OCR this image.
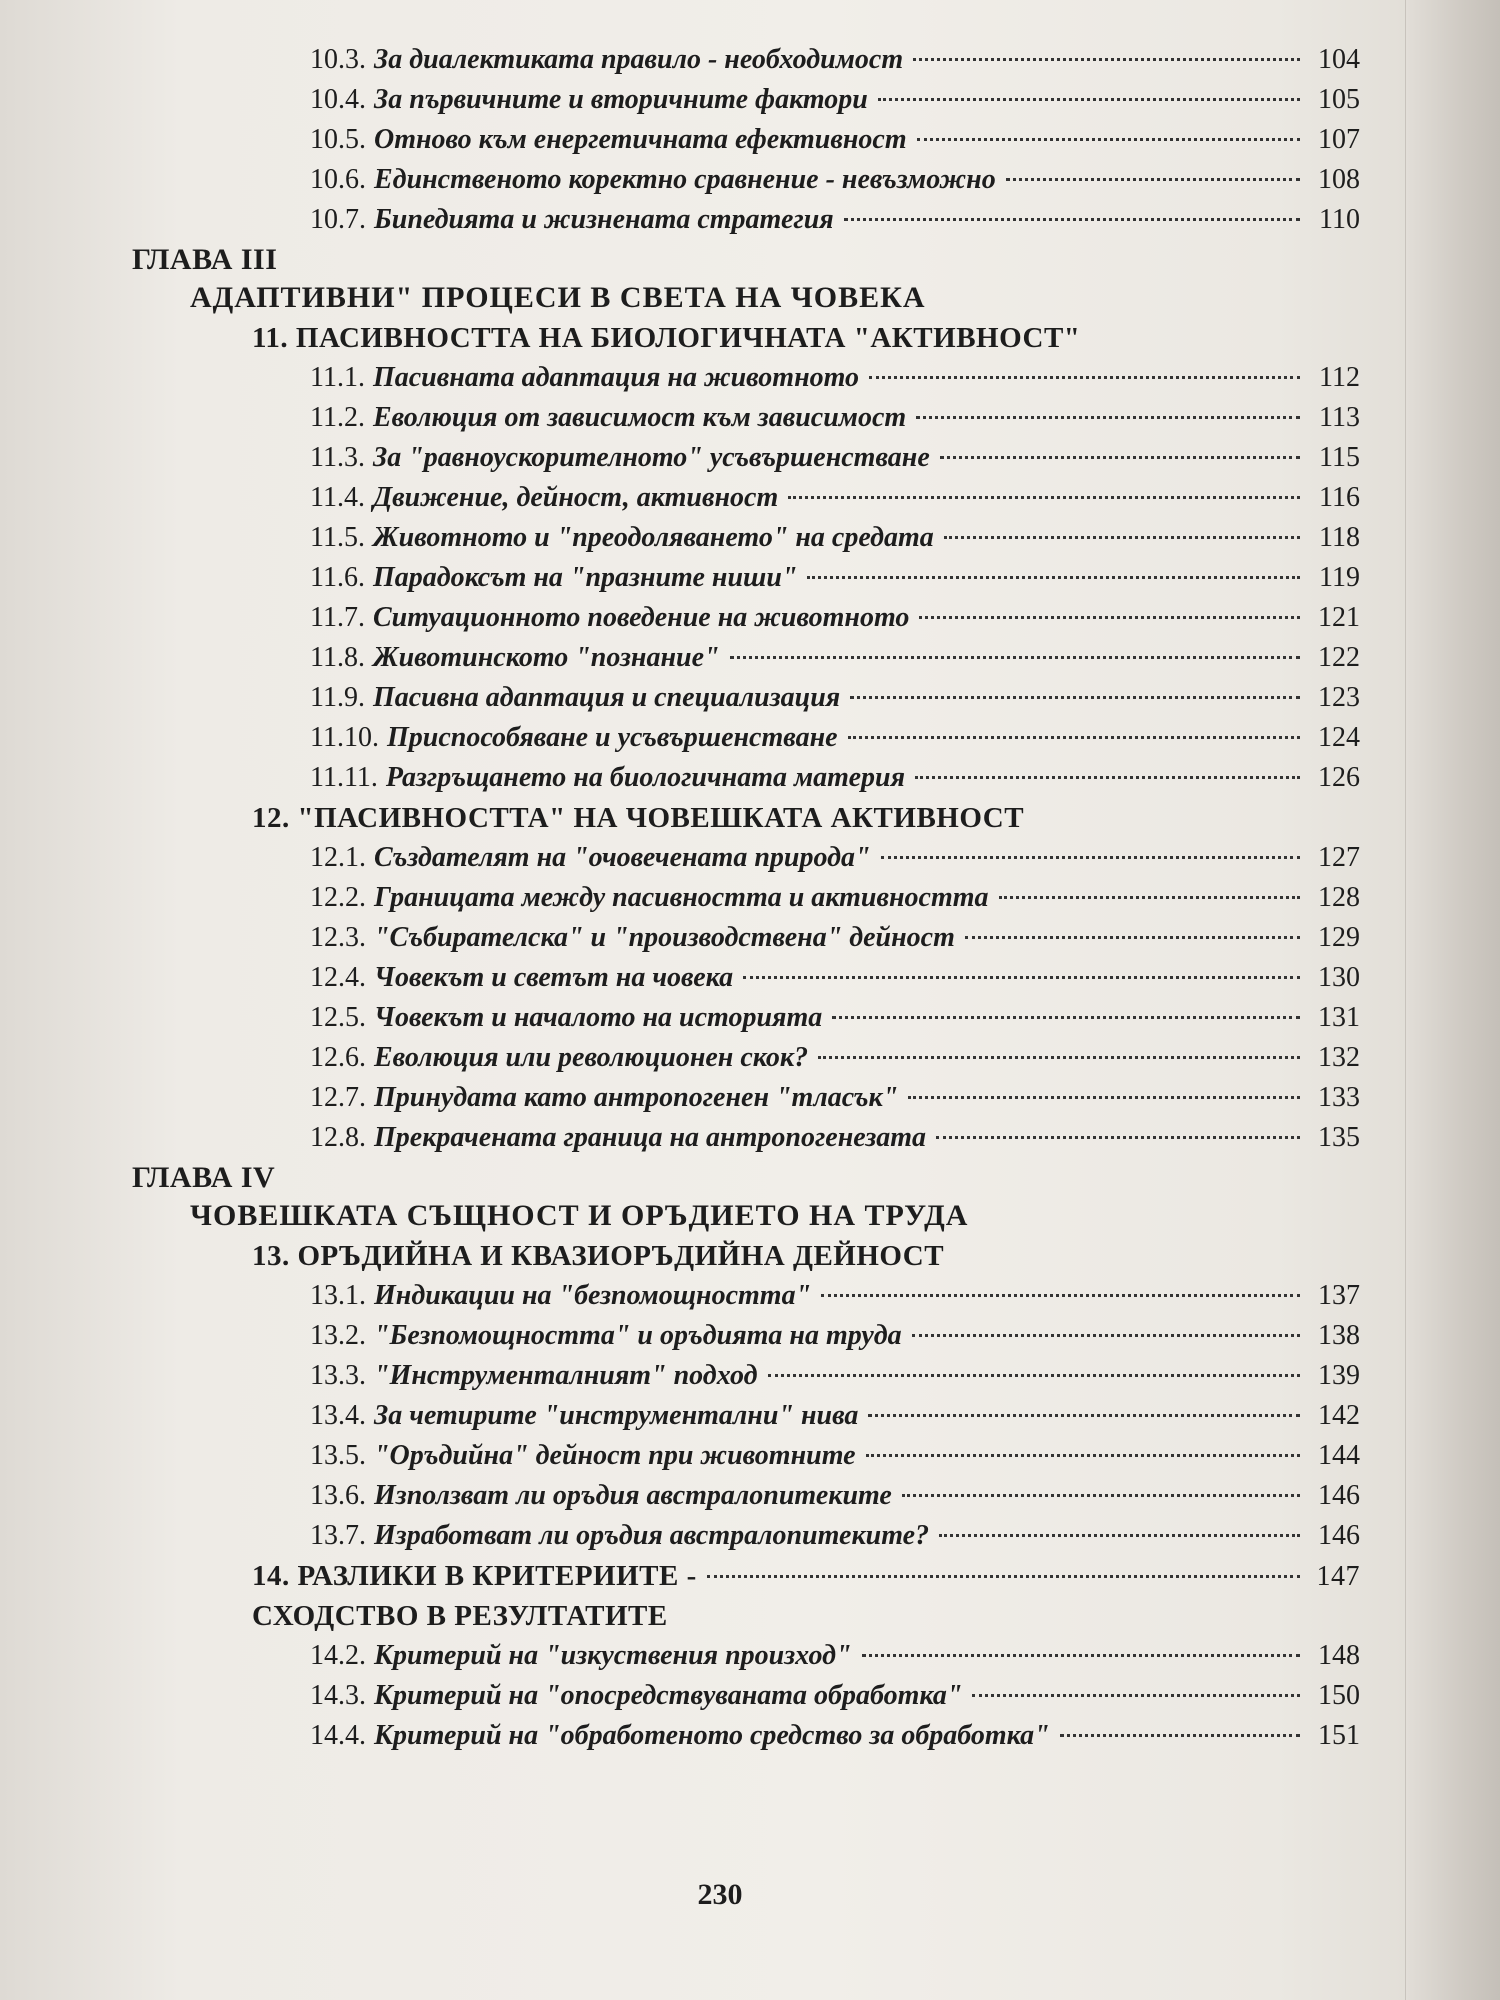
10.3. За диалектиката правило - необходимост	104
10.4. За първичните и вторичните фактори	105
10.5. Отново към енергетичната ефективност	107
10.6. Единственото коректно сравнение - невъзможно	108
10.7. Бипедията и жизнената стратегия	110
ГЛАВА III
АДАПТИВНИ" ПРОЦЕСИ В СВЕТА НА ЧОВЕКА
11. ПАСИВНОСТТА НА БИОЛОГИЧНАТА "АКТИВНОСТ"
11.1. Пасивната адаптация на животното	112
11.2. Еволюция от зависимост към зависимост	113
11.3. За "равноускорителното" усъвършенстване	115
11.4. Движение, дейност, активност	116
11.5. Животното и "преодоляването" на средата	118
11.6. Парадоксът на "празните ниши"	119
11.7. Ситуационното поведение на животното	121
11.8. Животинското "познание"	122
11.9. Пасивна адаптация и специализация	123
11.10. Приспособяване и усъвършенстване	124
11.11. Разгръщането на биологичната материя	126
12. "ПАСИВНОСТТА" НА ЧОВЕШКАТА АКТИВНОСТ
12.1. Създателят на "очовечената природа"	127
12.2. Границата между пасивността и активността	128
12.3. "Събирателска" и "производствена" дейност	129
12.4. Човекът и светът на човека	130
12.5. Човекът и началото на историята	131
12.6. Еволюция или революционен скок?	132
12.7. Принудата като антропогенен "тласък"	133
12.8. Прекрачената граница на антропогенезата	135
ГЛАВА IV
ЧОВЕШКАТА СЪЩНОСТ И ОРЪДИЕТО НА ТРУДА
13. ОРЪДИЙНА И КВАЗИОРЪДИЙНА ДЕЙНОСТ
13.1. Индикации на "безпомощността"	137
13.2. "Безпомощността" и оръдията на труда	138
13.3. "Инструменталният" подход	139
13.4. За четирите "инструментални" нива	142
13.5. "Оръдийна" дейност при животните	144
13.6. Използват ли оръдия австралопитеките	146
13.7. Изработват ли оръдия австралопитеките?	146
14. РАЗЛИКИ В КРИТЕРИИТЕ -	147
СХОДСТВО В РЕЗУЛТАТИТЕ
14.2. Критерий на "изкуствения произход"	148
14.3. Критерий на "опосредствуваната обработка"	150
14.4. Критерий на "обработеното средство за обработка"	151
230
